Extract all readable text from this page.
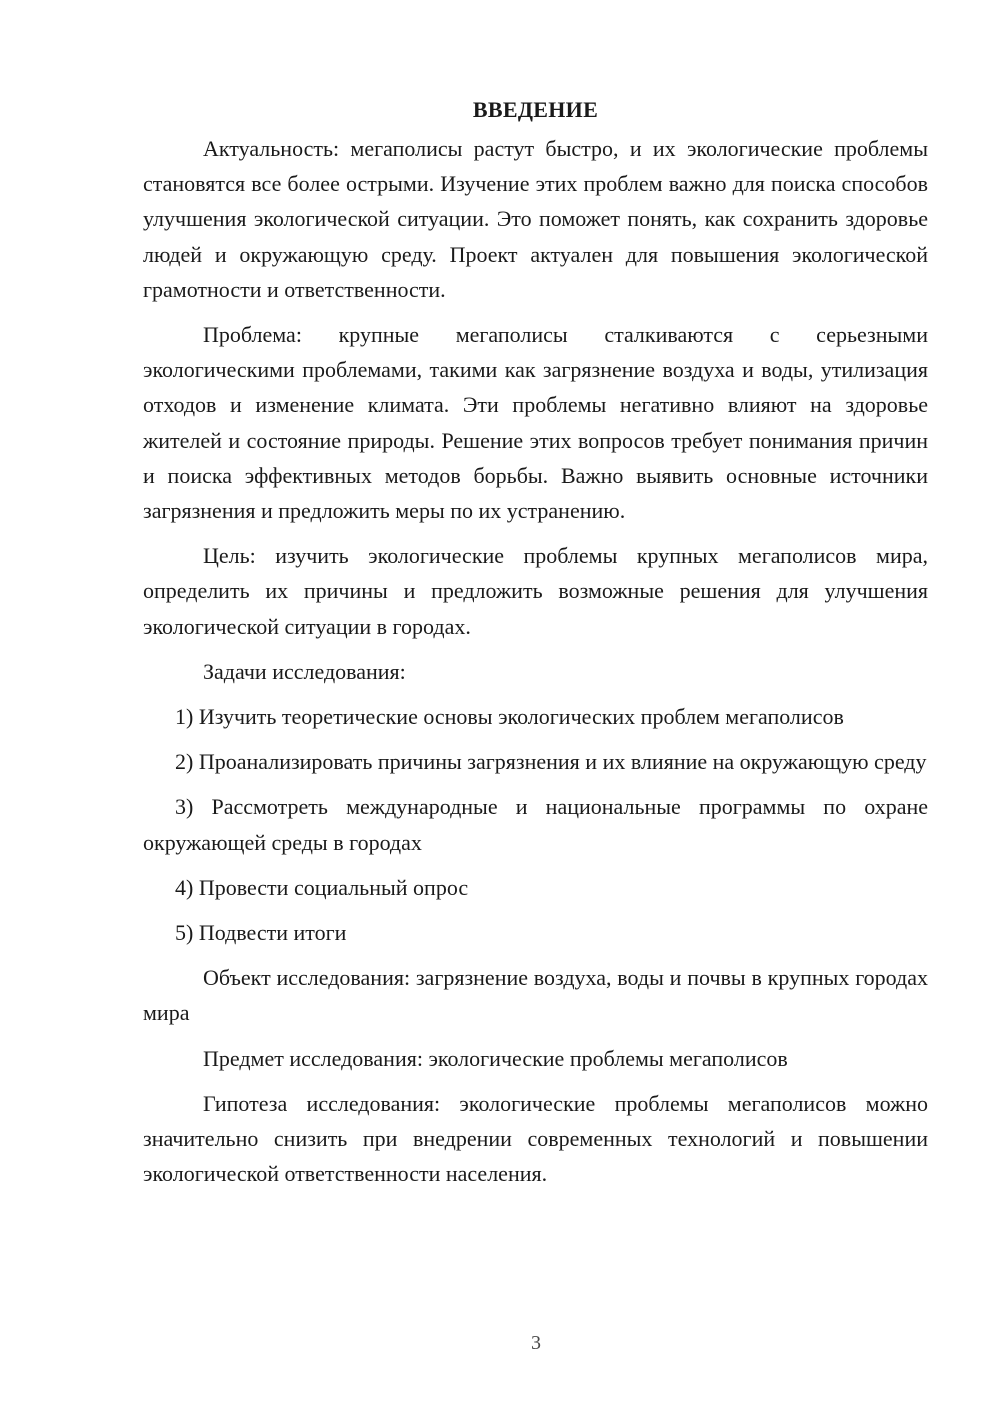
ВВЕДЕНИЕ

Актуальность: мегаполисы растут быстро, и их экологические проблемы становятся все более острыми. Изучение этих проблем важно для поиска способов улучшения экологической ситуации. Это поможет понять, как сохранить здоровье людей и окружающую среду. Проект актуален для повышения экологической грамотности и ответственности.

Проблема: крупные мегаполисы сталкиваются с серьезными экологическими проблемами, такими как загрязнение воздуха и воды, утилизация отходов и изменение климата. Эти проблемы негативно влияют на здоровье жителей и состояние природы. Решение этих вопросов требует понимания причин и поиска эффективных методов борьбы. Важно выявить основные источники загрязнения и предложить меры по их устранению.

Цель: изучить экологические проблемы крупных мегаполисов мира, определить их причины и предложить возможные решения для улучшения экологической ситуации в городах.

Задачи исследования:

1) Изучить теоретические основы экологических проблем мегаполисов

2) Проанализировать причины загрязнения и их влияние на окружающую среду

3) Рассмотреть международные и национальные программы по охране окружающей среды в городах

4) Провести социальный опрос

5) Подвести итоги

Объект исследования: загрязнение воздуха, воды и почвы в крупных городах мира

Предмет исследования: экологические проблемы мегаполисов

Гипотеза исследования: экологические проблемы мегаполисов можно значительно снизить при внедрении современных технологий и повышении экологической ответственности населения.

3
